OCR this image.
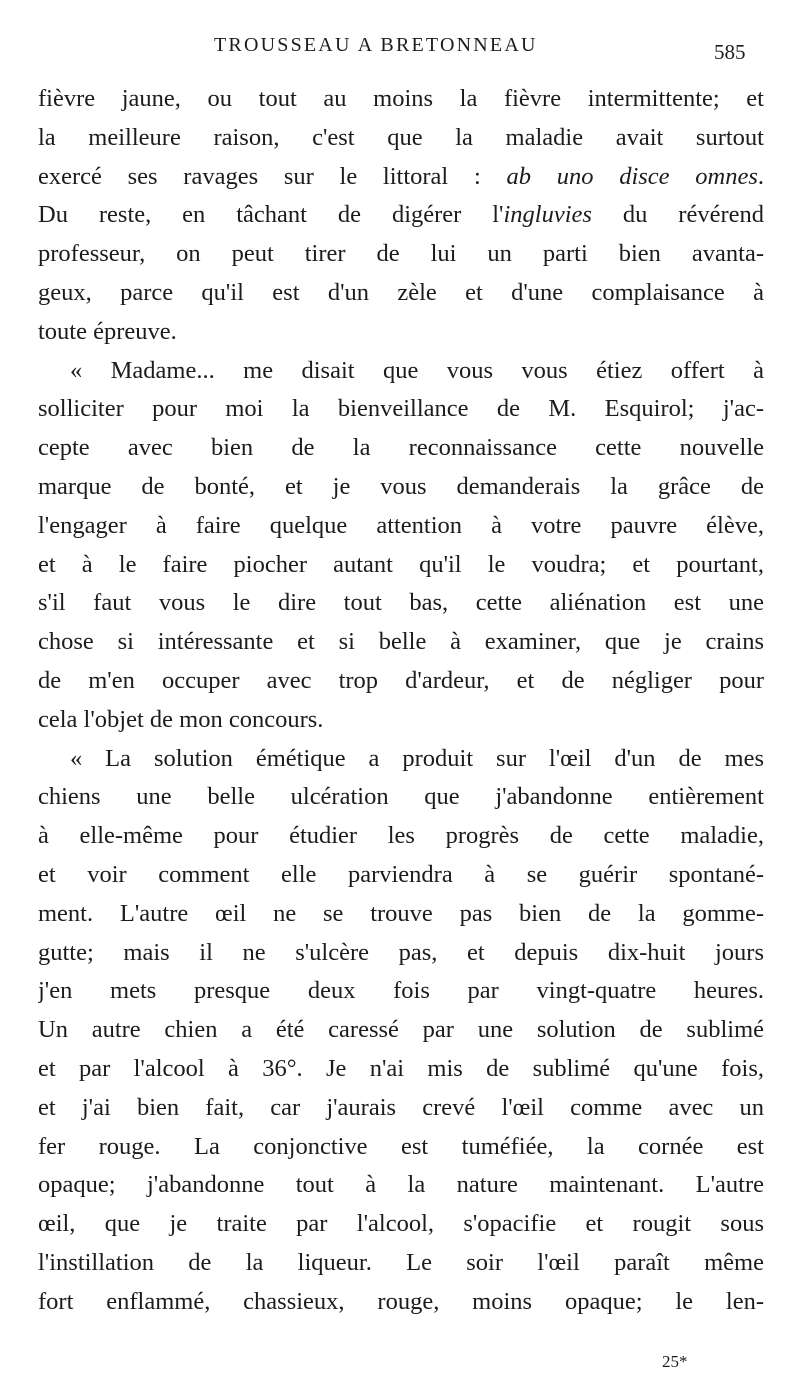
TROUSSEAU A BRETONNEAU	585
fièvre jaune, ou tout au moins la fièvre intermittente; et
la meilleure raison, c'est que la maladie avait surtout
exercé ses ravages sur le littoral : ab uno disce omnes.
Du reste, en tâchant de digérer l'ingluvies du révérend
professeur, on peut tirer de lui un parti bien avanta-
geux, parce qu'il est d'un zèle et d'une complaisance à
toute épreuve.
« Madame... me disait que vous vous étiez offert à
solliciter pour moi la bienveillance de M. Esquirol; j'ac-
cepte avec bien de la reconnaissance cette nouvelle
marque de bonté, et je vous demanderais la grâce de
l'engager à faire quelque attention à votre pauvre élève,
et à le faire piocher autant qu'il le voudra; et pourtant,
s'il faut vous le dire tout bas, cette aliénation est une
chose si intéressante et si belle à examiner, que je crains
de m'en occuper avec trop d'ardeur, et de négliger pour
cela l'objet de mon concours.
« La solution émétique a produit sur l'œil d'un de mes
chiens une belle ulcération que j'abandonne entièrement
à elle-même pour étudier les progrès de cette maladie,
et voir comment elle parviendra à se guérir spontané-
ment. L'autre œil ne se trouve pas bien de la gomme-
gutte; mais il ne s'ulcère pas, et depuis dix-huit jours
j'en mets presque deux fois par vingt-quatre heures.
Un autre chien a été caressé par une solution de sublimé
et par l'alcool à 36°. Je n'ai mis de sublimé qu'une fois,
et j'ai bien fait, car j'aurais crevé l'œil comme avec un
fer rouge. La conjonctive est tuméfiée, la cornée est
opaque; j'abandonne tout à la nature maintenant. L'autre
œil, que je traite par l'alcool, s'opacifie et rougit sous
l'instillation de la liqueur. Le soir l'œil paraît même
fort enflammé, chassieux, rouge, moins opaque; le len-
25*
